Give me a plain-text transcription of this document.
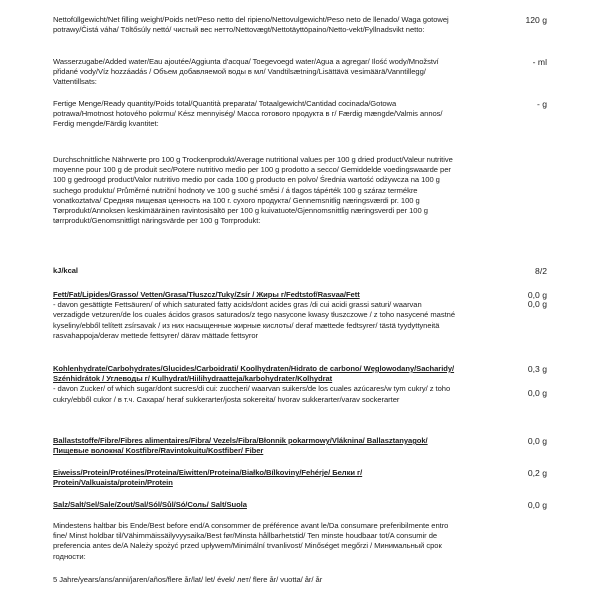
Nettofüllgewicht/Net filling weight/Poids net/Peso netto del ripieno/Nettovulgewicht/Peso neto de llenado/ Waga gotowej potrawy/Čistá váha/ Töltősúly nettó/ чистый вес нетто/Nettovægt/Nettotäyttöpaino/Netto-vekt/Fyllnadsvikt netto:
120 g
Wasserzugabe/Added water/Eau ajoutée/Aggiunta d'acqua/ Toegevoegd water/Agua a agregar/ Ilość wody/Množství přidané vody/Víz hozzáadás / Объем добавляемой воды в мл/ Vandtilsætning/Lisättävä vesimäärä/Vanntillegg/ Vattentillsats:
- ml
Fertige Menge/Ready quantity/Poids total/Quantità preparata/ Totaalgewicht/Cantidad cocinada/Gotowa potrawa/Hmotnost hotového pokrmu/ Kész mennyiség/ Масса готового продукта в г/ Færdig mængde/Valmis annos/ Ferdig mengde/Färdig kvantitet:
- g
Durchschnittliche Nährwerte pro 100 g Trockenprodukt/Average nutritional values per 100 g dried product/Valeur nutritive moyenne pour 100 g de produit sec/Potere nutritivo medio per 100 g prodotto a secco/ Gemiddelde voedingswaarde per 100 g gedroogd product/Valor nutritivo medio por cada 100 g producto en polvo/ Średnia wartość odżywcza na 100 g suchego produktu/ Průměrné nutriční hodnoty ve 100 g suché směsi / á tlagos tápérték 100 g száraz termékre vonatkoztatva/ Средняя пищевая ценность на 100 г. сухого продукта/ Gennemsnitlig næringsværdi pr. 100 g Tørprodukt/Annoksen keskimääräinen ravintosisältö per 100 g kuivatuote/Gjennomsnittlig næringsverdi per 100 g tørrprodukt/Genomsnittligt näringsvärde per 100 g Torrprodukt:
kJ/kcal	8/2
Fett/Fat/Lipides/Grasso/ Vetten/Grasa/Tłuszcz/Tuky/Zsír / Жиры г/Fedtstof/Rasvaa/Fett
- davon gesättigte Fettsäuren/ of which saturated fatty acids/dont acides gras /di cui acidi grassi saturi/ waarvan verzadigde vetzuren/de los cuales ácidos grasos saturados/z tego nasycone kwasy tłuszczowe / z toho nasycené mastné kyseliny/ebből telített zsírsavak / из них насыщенные жирные кислоты/ deraf mættede fedtsyrer/ tästä tyydyttyneitä rasvahappoja/derav mettede fettsyrer/ därav mättade fettsyror
0,0 g
0,0 g
Kohlenhydrate/Carbohydrates/Glucides/Carboidrati/ Koolhydraten/Hidrato de carbono/ Węglowodany/Sacharidy/ Szénhidrátok / Углеводы г/ Kulhydrat/Hiilihydraatteja/karbohydrater/Kolhydrat
- davon Zucker/ of which sugar/dont sucres/di cui: zuccheri/ waarvan suikers/de los cuales azúcares/w tym cukry/ z toho cukry/ebből cukor / в т.ч. Сахара/ heraf sukkerarter/josta sokereita/ hvorav sukkerarter/varav sockerarter
0,3 g
0,0 g
Ballaststoffe/Fibre/Fibres alimentaires/Fibra/ Vezels/Fibra/Błonnik pokarmowy/Vláknina/ Ballasztanyagok/ Пищевые волокна/ Kostfibre/Ravintokuitu/Kostfiber/ Fiber
0,0 g
Eiweiss/Protein/Protéines/Proteina/Eiwitten/Proteina/Białko/Bílkoviny/Fehérje/ Белки г/ Protein/Valkuaista/protein/Protein
0,2 g
Salz/Salt/Sel/Sale/Zout/Sal/Sól/Sůl/Só/Соль/ Salt/Suola	0,0 g
Mindestens haltbar bis Ende/Best before end/A consommer de préférence avant le/Da consumare preferibilmente entro fine/ Minst holdbar til/Vähimmäissäilyvyysaika/Best før/Minsta hållbarhetstid/ Ten minste houdbaar tot/A consumir de preferencia antes de/A Należy spożyć przed upływem/Minimální trvanlivost/ Minőséget megőrzi / Минимальный срок годности:
5 Jahre/years/ans/anni/jaren/años/flere år/lat/ let/ évek/ лет/ flere år/ vuotta/ år/ år
